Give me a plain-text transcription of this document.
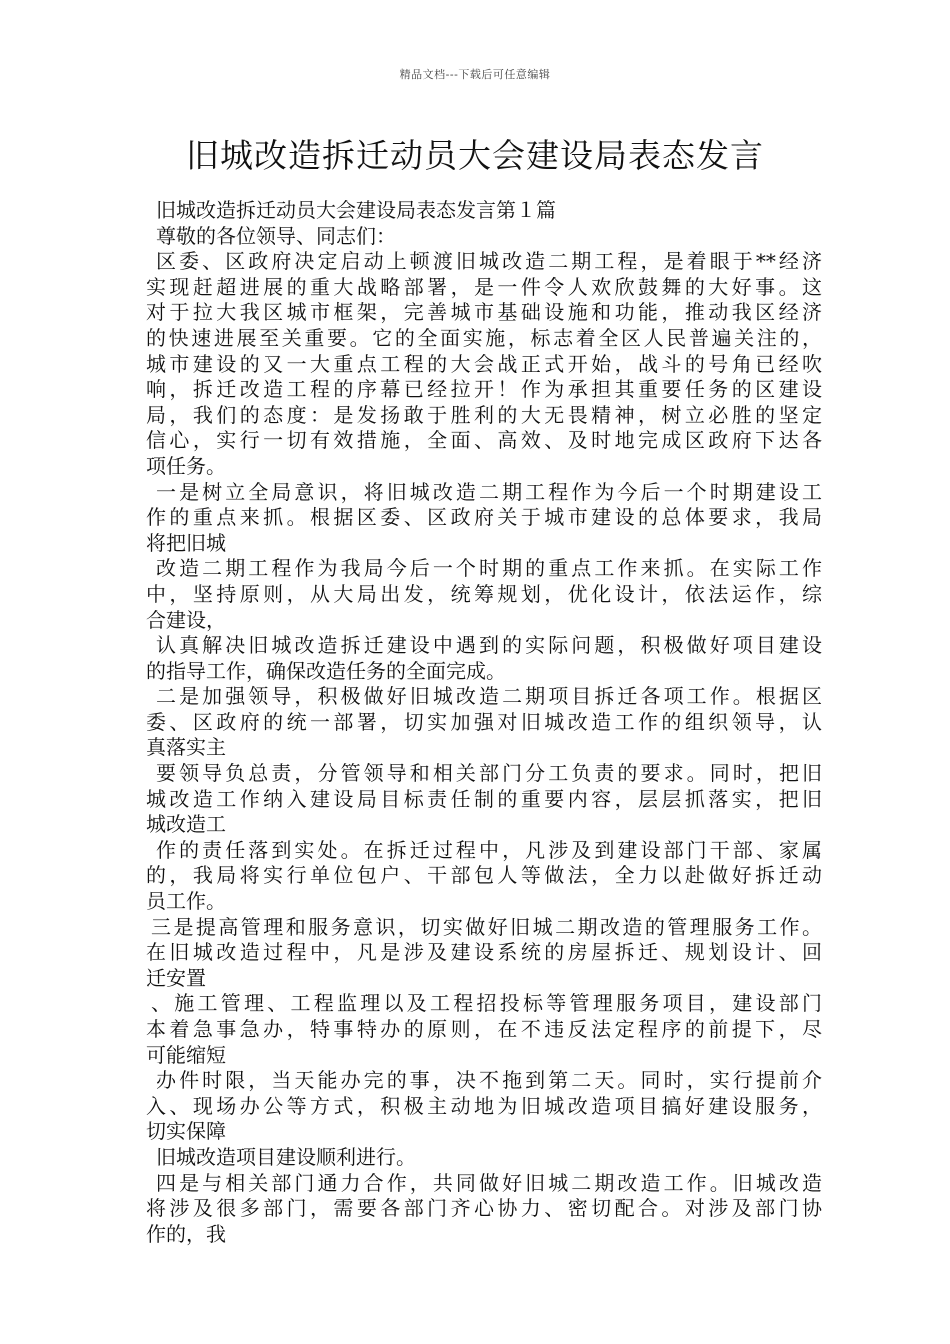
精品文档---下载后可任意编辑
旧城改造拆迁动员大会建设局表态发言
旧城改造拆迁动员大会建设局表态发言第１篇
尊敬的各位领导、同志们：
区委、区政府决定启动上顿渡旧城改造二期工程，是着眼于**经济
实现赶超进展的重大战略部署，是一件令人欢欣鼓舞的大好事。这
对于拉大我区城市框架，完善城市基础设施和功能，推动我区经济
的快速进展至关重要。它的全面实施，标志着全区人民普遍关注的，
城市建设的又一大重点工程的大会战正式开始，战斗的号角已经吹
响，拆迁改造工程的序幕已经拉开！作为承担其重要任务的区建设
局，我们的态度：是发扬敢于胜利的大无畏精神，树立必胜的坚定
信心，实行一切有效措施，全面、高效、及时地完成区政府下达各
项任务。
一是树立全局意识，将旧城改造二期工程作为今后一个时期建设工
作的重点来抓。根据区委、区政府关于城市建设的总体要求，我局
将把旧城
改造二期工程作为我局今后一个时期的重点工作来抓。在实际工作
中，坚持原则，从大局出发，统筹规划，优化设计，依法运作，综
合建设，
认真解决旧城改造拆迁建设中遇到的实际问题，积极做好项目建设
的指导工作，确保改造任务的全面完成。
二是加强领导，积极做好旧城改造二期项目拆迁各项工作。根据区
委、区政府的统一部署，切实加强对旧城改造工作的组织领导，认
真落实主
要领导负总责，分管领导和相关部门分工负责的要求。同时，把旧
城改造工作纳入建设局目标责任制的重要内容，层层抓落实，把旧
城改造工
作的责任落到实处。在拆迁过程中，凡涉及到建设部门干部、家属
的，我局将实行单位包户、干部包人等做法，全力以赴做好拆迁动
员工作。
三是提高管理和服务意识，切实做好旧城二期改造的管理服务工作。
在旧城改造过程中，凡是涉及建设系统的房屋拆迁、规划设计、回
迁安置
、施工管理、工程监理以及工程招投标等管理服务项目，建设部门
本着急事急办，特事特办的原则，在不违反法定程序的前提下，尽
可能缩短
办件时限，当天能办完的事，决不拖到第二天。同时，实行提前介
入、现场办公等方式，积极主动地为旧城改造项目搞好建设服务，
切实保障
旧城改造项目建设顺利进行。
四是与相关部门通力合作，共同做好旧城二期改造工作。旧城改造
将涉及很多部门，需要各部门齐心协力、密切配合。对涉及部门协
作的，我
